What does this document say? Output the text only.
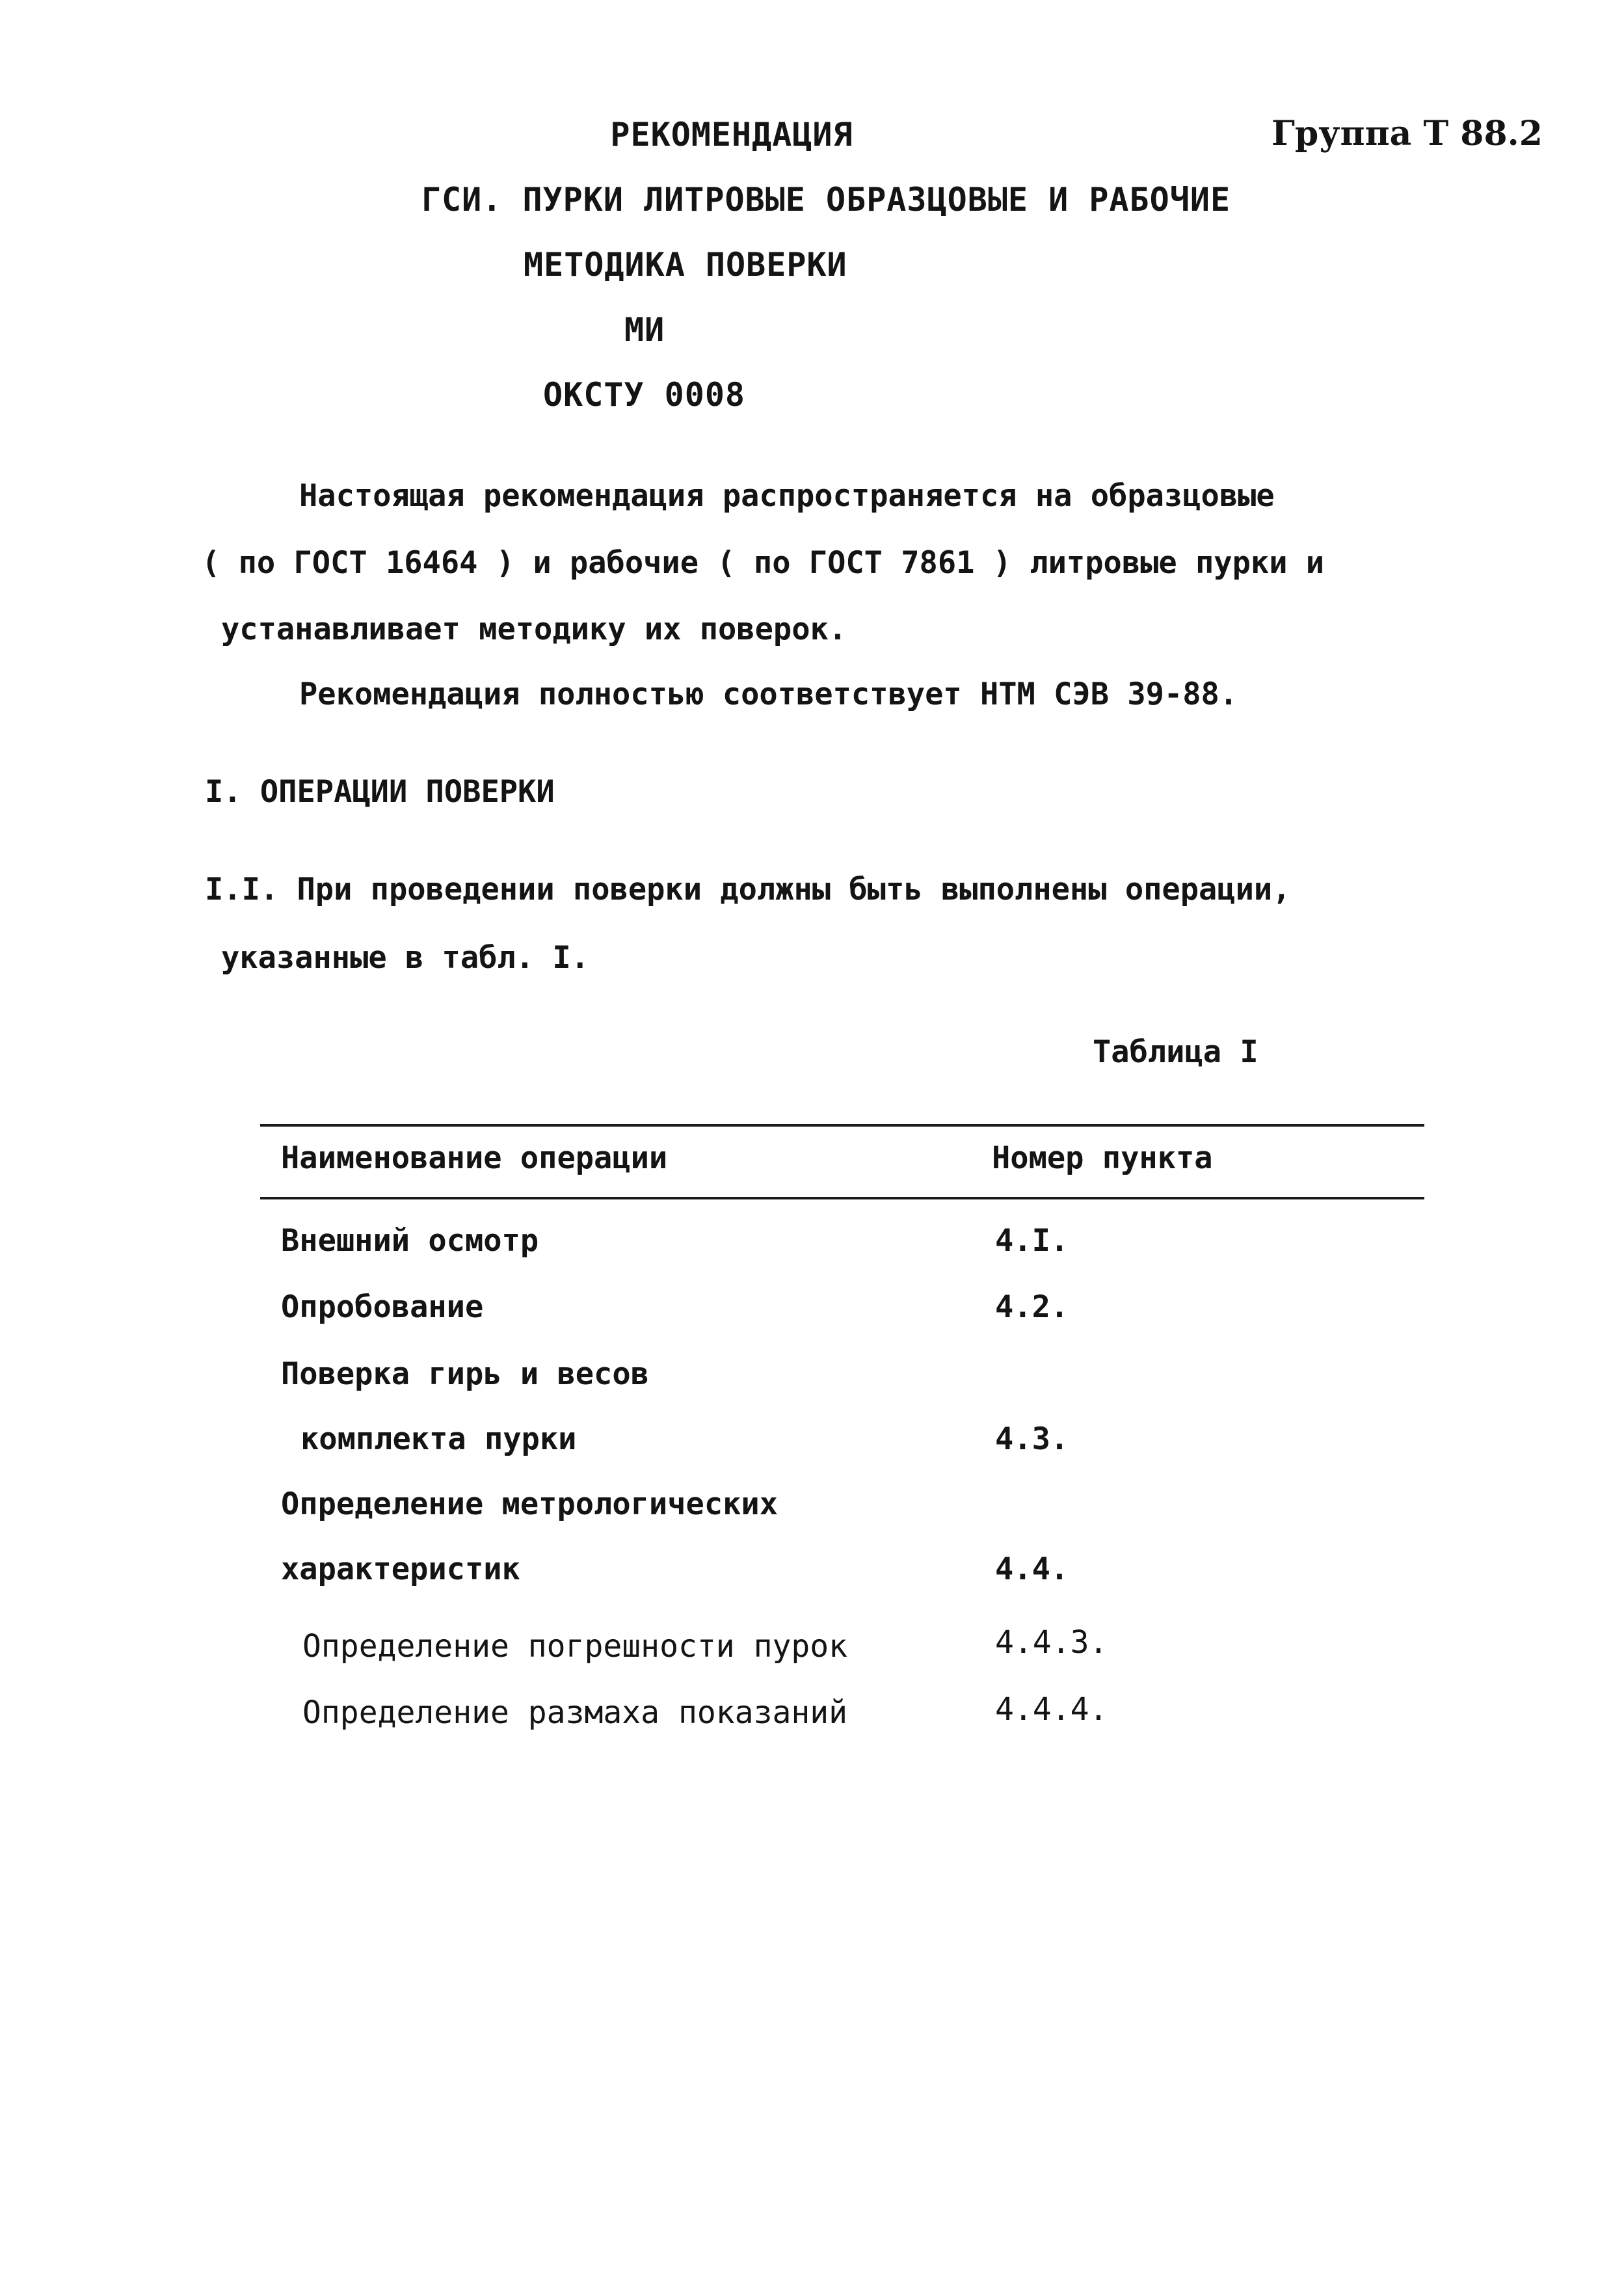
РЕКОМЕНДАЦИЯ	Группа Т 88.2
ГСИ. ПУРКИ ЛИТРОВЫЕ ОБРАЗЦОВЫЕ И РАБОЧИЕ
МЕТОДИКА ПОВЕРКИ
МИ
ОКСТУ 0008
Настоящая рекомендация распространяется на образцовые
( по ГОСТ 16464 ) и рабочие ( по ГОСТ 7861 ) литровые пурки и
устанавливает методику их поверок.
Рекомендация полностью соответствует НТМ СЭВ 39-88.
I. ОПЕРАЦИИ ПОВЕРКИ
I.I. При проведении поверки должны быть выполнены операции,
указанные в табл. I.
Таблица I
Наименование операции	Номер пункта
Внешний осмотр	4.I.
Опробование	4.2.
Поверка гирь и весов
комплекта пурки	4.3.
Определение метрологических
характеристик	4.4.
Определение погрешности пурок	4.4.3.
Определение размаха показаний	4.4.4.
